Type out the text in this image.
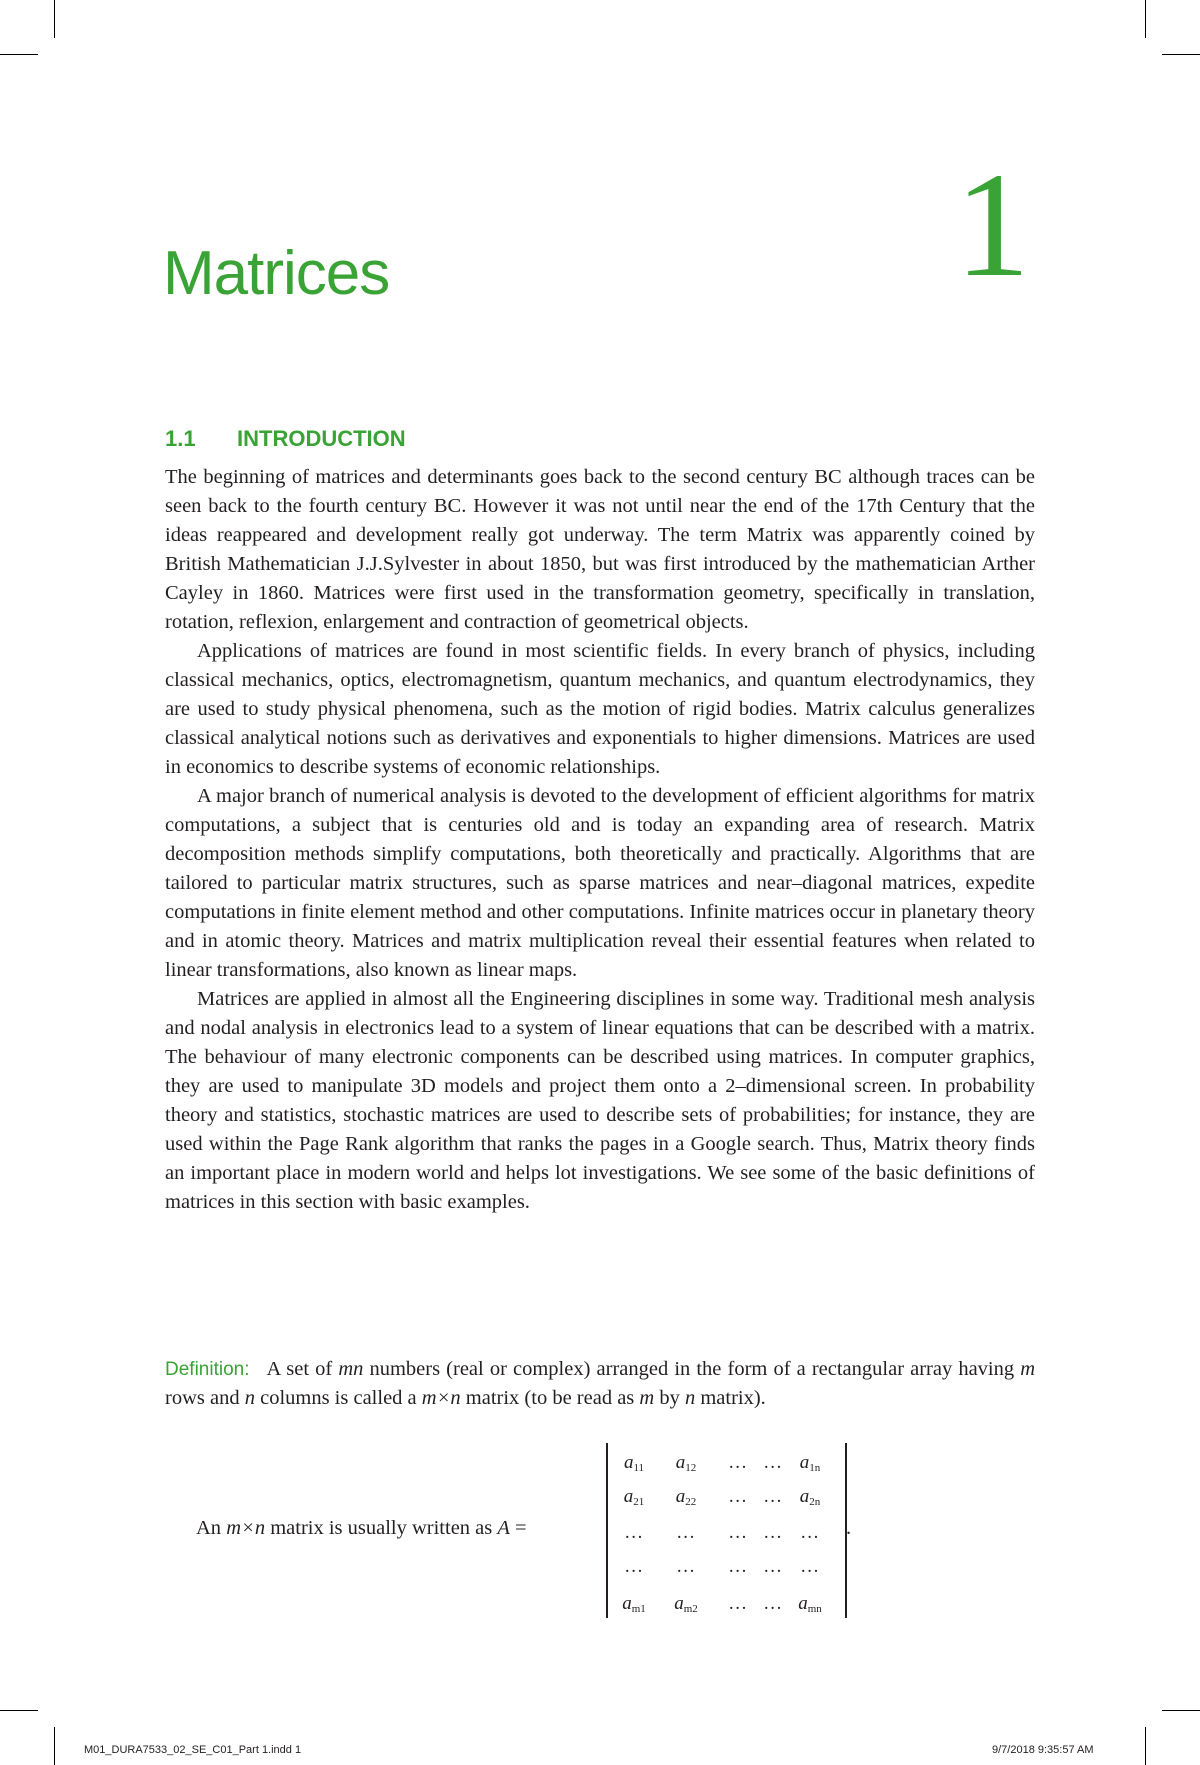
Matrices	1
1.1 INTRODUCTION

The beginning of matrices and determinants goes back to the second century BC although traces can be seen back to the fourth century BC. However it was not until near the end of the 17th Century that the ideas reappeared and development really got underway. The term Matrix was apparently coined by British Mathematician J.J.Sylvester in about 1850, but was first introduced by the mathematician Arther Cayley in 1860. Matrices were first used in the transformation geometry, specifically in translation, rotation, reflexion, enlargement and contraction of geometrical objects.

Applications of matrices are found in most scientific fields. In every branch of physics, including classical mechanics, optics, electromagnetism, quantum mechanics, and quantum electrodynamics, they are used to study physical phenomena, such as the motion of rigid bodies. Matrix calculus generalizes classical analytical notions such as derivatives and exponentials to higher dimensions. Matrices are used in economics to describe systems of economic relationships.

A major branch of numerical analysis is devoted to the development of efficient algorithms for matrix computations, a subject that is centuries old and is today an expanding area of research. Matrix decomposition methods simplify computations, both theoretically and practically. Algorithms that are tailored to particular matrix structures, such as sparse matrices and near–diagonal matrices, expedite computations in finite element method and other computations. Infinite matrices occur in planetary theory and in atomic theory. Matrices and matrix multiplication reveal their essential features when related to linear transformations, also known as linear maps.

Matrices are applied in almost all the Engineering disciplines in some way. Traditional mesh analysis and nodal analysis in electronics lead to a system of linear equations that can be described with a matrix. The behaviour of many electronic components can be described using matrices. In computer graphics, they are used to manipulate 3D models and project them onto a 2–dimensional screen. In probability theory and statistics, stochastic matrices are used to describe sets of probabilities; for instance, they are used within the Page Rank algorithm that ranks the pages in a Google search. Thus, Matrix theory finds an important place in modern world and helps lot investigations. We see some of the basic definitions of matrices in this section with basic examples.

Definition: A set of mn numbers (real or complex) arranged in the form of a rectangular array having m rows and n columns is called a m×n matrix (to be read as m by n matrix).
An m×n matrix is usually written as A =
$a_{11}$	$a_{12}$	… … $a_{1n}$
$a_{21}$	$a_{22}$	… … $a_{2n}$
…	…	… …	…
…	…	… …	…
$a_{m1}$	$a_{m2}$	… … $a_{mn}$
.
M01_DURA7533_02_SE_C01_Part 1.indd 1	9/7/2018 9:35:57 AM
